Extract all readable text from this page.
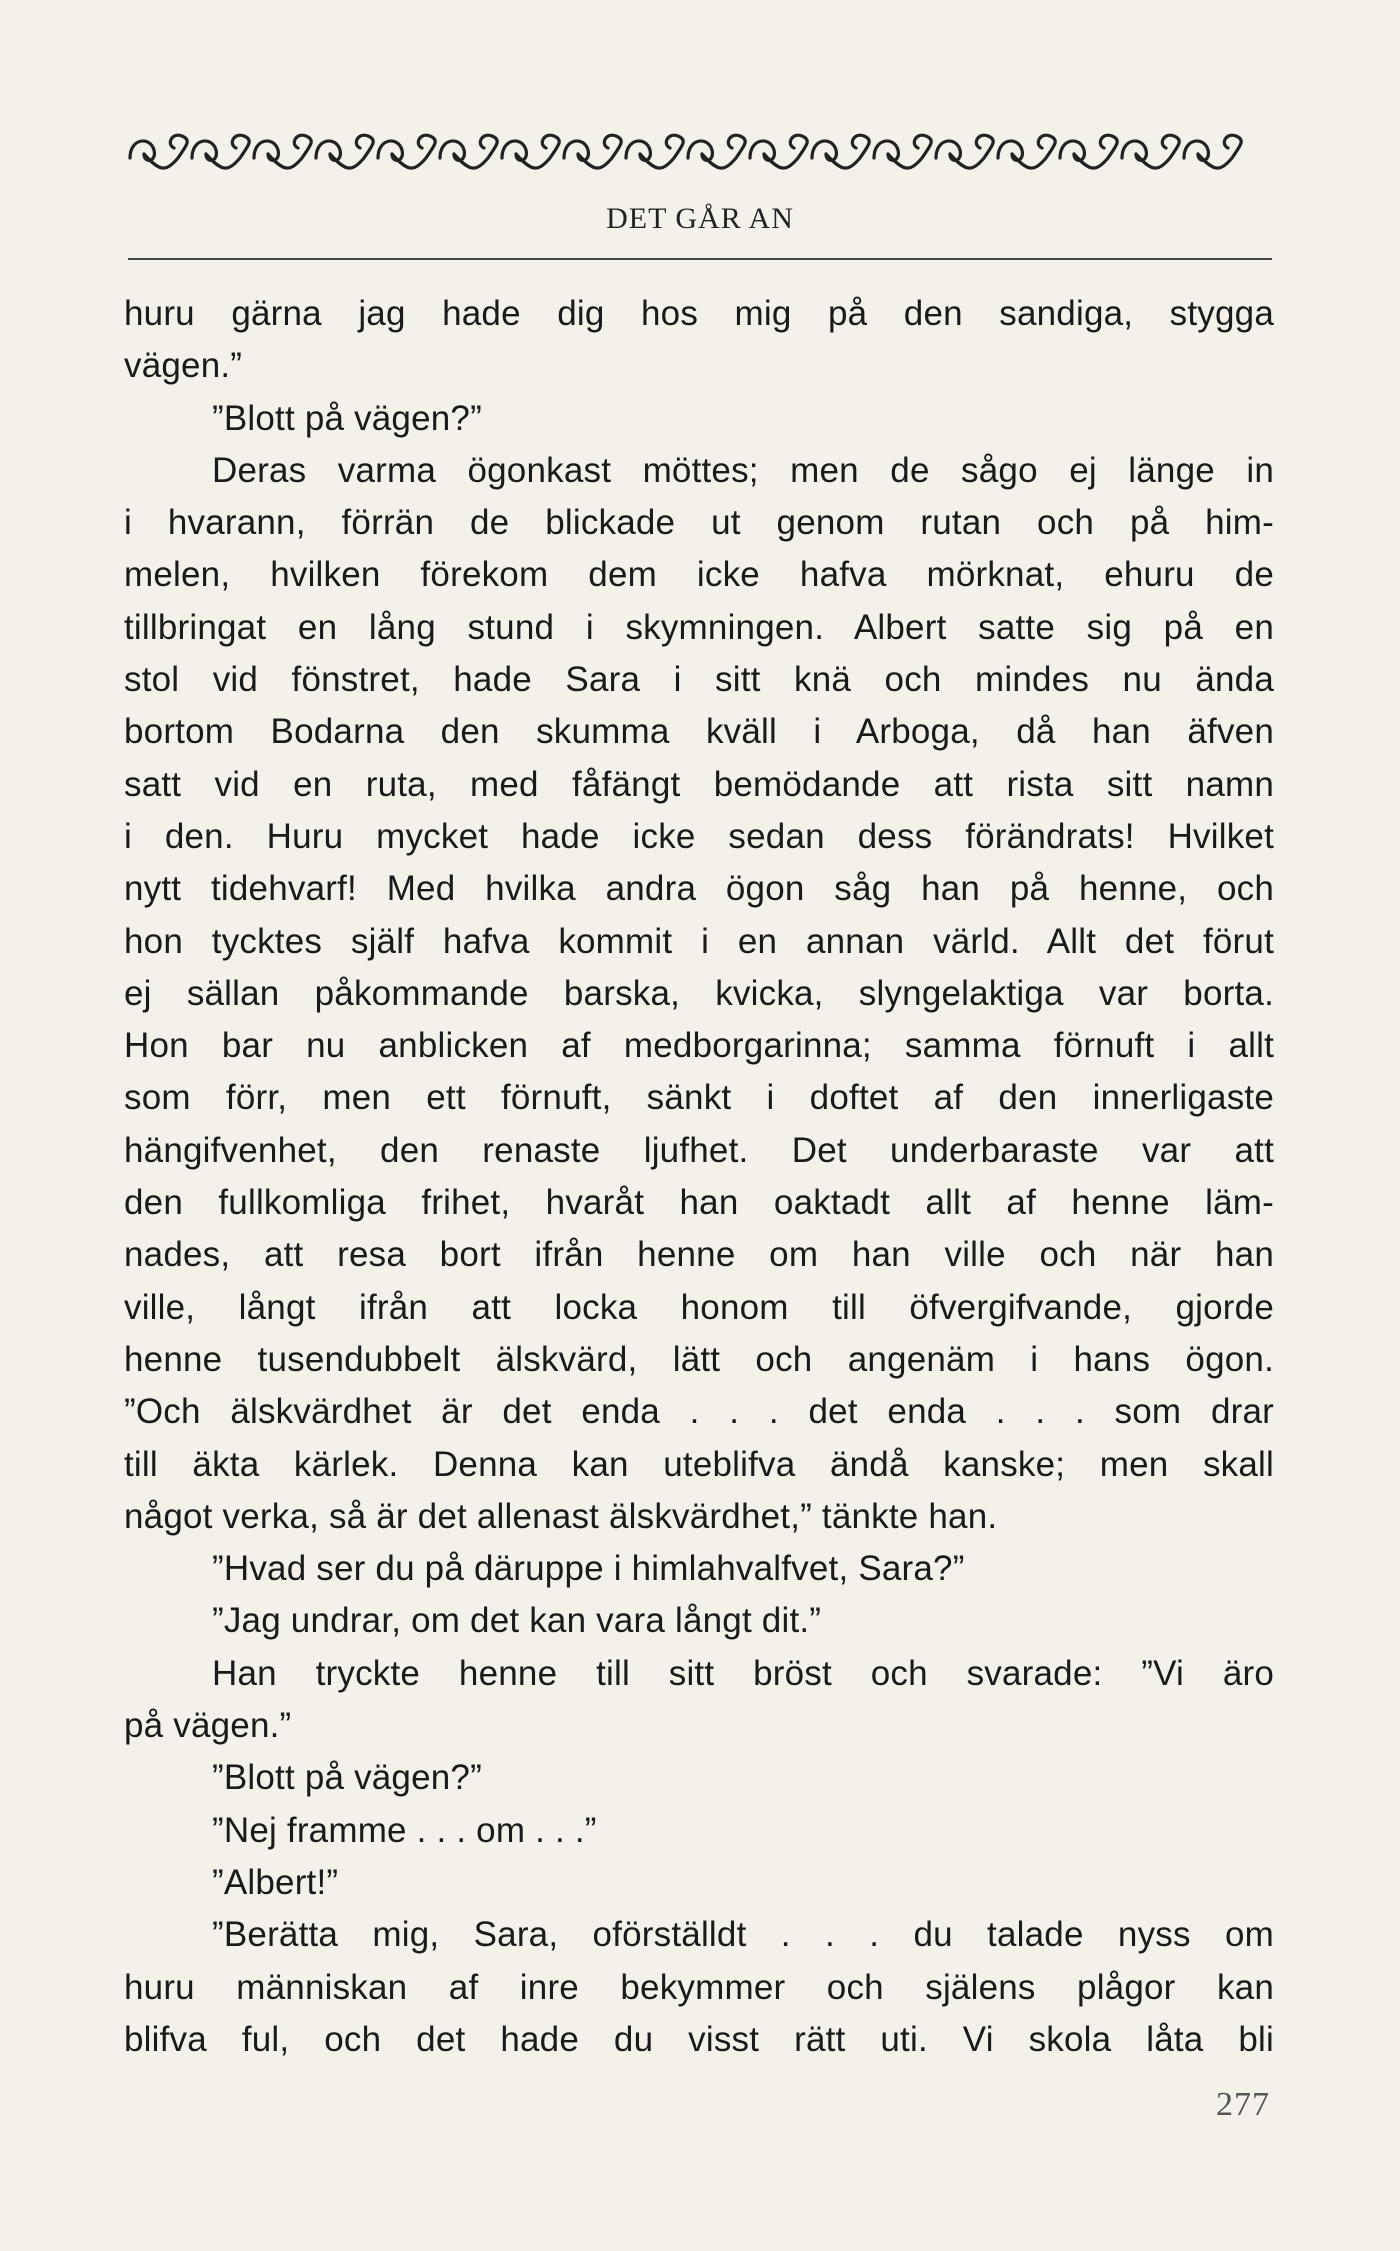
DET GÅR AN
huru gärna jag hade dig hos mig på den sandiga, stygga
vägen.”
”Blott på vägen?”
Deras varma ögonkast möttes; men de sågo ej länge in
i hvarann, förrän de blickade ut genom rutan och på him-
melen, hvilken förekom dem icke hafva mörknat, ehuru de
tillbringat en lång stund i skymningen. Albert satte sig på en
stol vid fönstret, hade Sara i sitt knä och mindes nu ända
bortom Bodarna den skumma kväll i Arboga, då han äfven
satt vid en ruta, med fåfängt bemödande att rista sitt namn
i den. Huru mycket hade icke sedan dess förändrats! Hvilket
nytt tidehvarf! Med hvilka andra ögon såg han på henne, och
hon tycktes själf hafva kommit i en annan värld. Allt det förut
ej sällan påkommande barska, kvicka, slyngelaktiga var borta.
Hon bar nu anblicken af medborgarinna; samma förnuft i allt
som förr, men ett förnuft, sänkt i doftet af den innerligaste
hängifvenhet, den renaste ljufhet. Det underbaraste var att
den fullkomliga frihet, hvaråt han oaktadt allt af henne läm-
nades, att resa bort ifrån henne om han ville och när han
ville, långt ifrån att locka honom till öfvergifvande, gjorde
henne tusendubbelt älskvärd, lätt och angenäm i hans ögon.
”Och älskvärdhet är det enda . . . det enda . . . som drar
till äkta kärlek. Denna kan uteblifva ändå kanske; men skall
något verka, så är det allenast älskvärdhet,” tänkte han.
”Hvad ser du på däruppe i himlahvalfvet, Sara?”
”Jag undrar, om det kan vara långt dit.”
Han tryckte henne till sitt bröst och svarade: ”Vi äro
på vägen.”
”Blott på vägen?”
”Nej framme . . . om . . .”
”Albert!”
”Berätta mig, Sara, oförställdt . . . du talade nyss om
huru människan af inre bekymmer och själens plågor kan
blifva ful, och det hade du visst rätt uti. Vi skola låta bli
277
